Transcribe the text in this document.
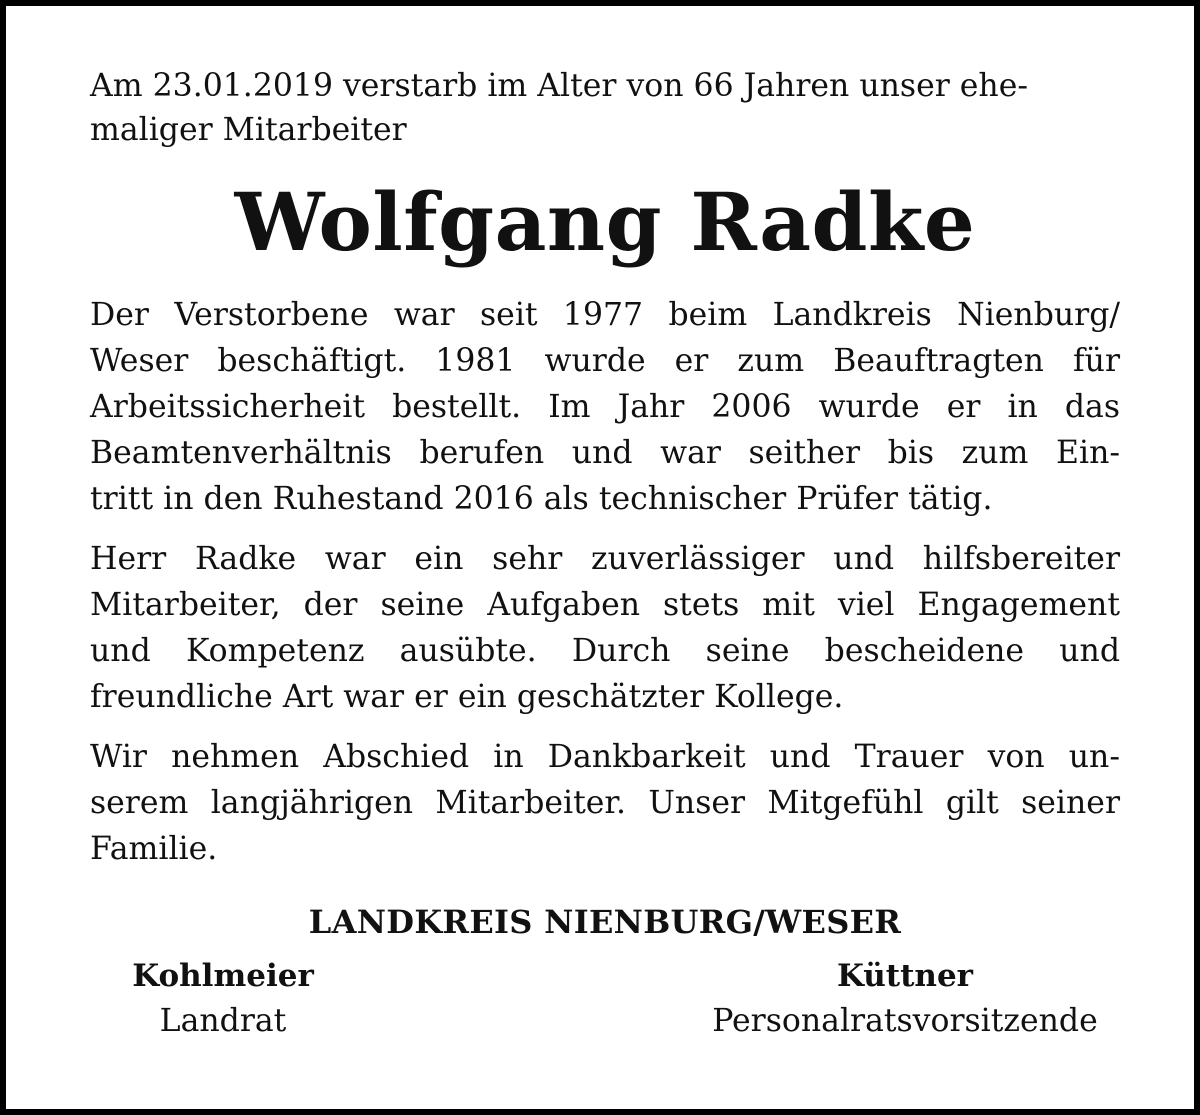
Am 23.01.2019 verstarb im Alter von 66 Jahren unser ehe-
maliger Mitarbeiter

Wolfgang Radke

Der Verstorbene war seit 1977 beim Landkreis Nienburg/
Weser beschäftigt. 1981 wurde er zum Beauftragten für
Arbeitssicherheit bestellt. Im Jahr 2006 wurde er in das
Beamtenverhältnis berufen und war seither bis zum Ein-
tritt in den Ruhestand 2016 als technischer Prüfer tätig.

Herr Radke war ein sehr zuverlässiger und hilfsbereiter
Mitarbeiter, der seine Aufgaben stets mit viel Engagement
und Kompetenz ausübte. Durch seine bescheidene und
freundliche Art war er ein geschätzter Kollege.

Wir nehmen Abschied in Dankbarkeit und Trauer von un-
serem langjährigen Mitarbeiter. Unser Mitgefühl gilt seiner
Familie.

LANDKREIS NIENBURG/WESER
Kohlmeier
Landrat
Küttner
Personalratsvorsitzende
